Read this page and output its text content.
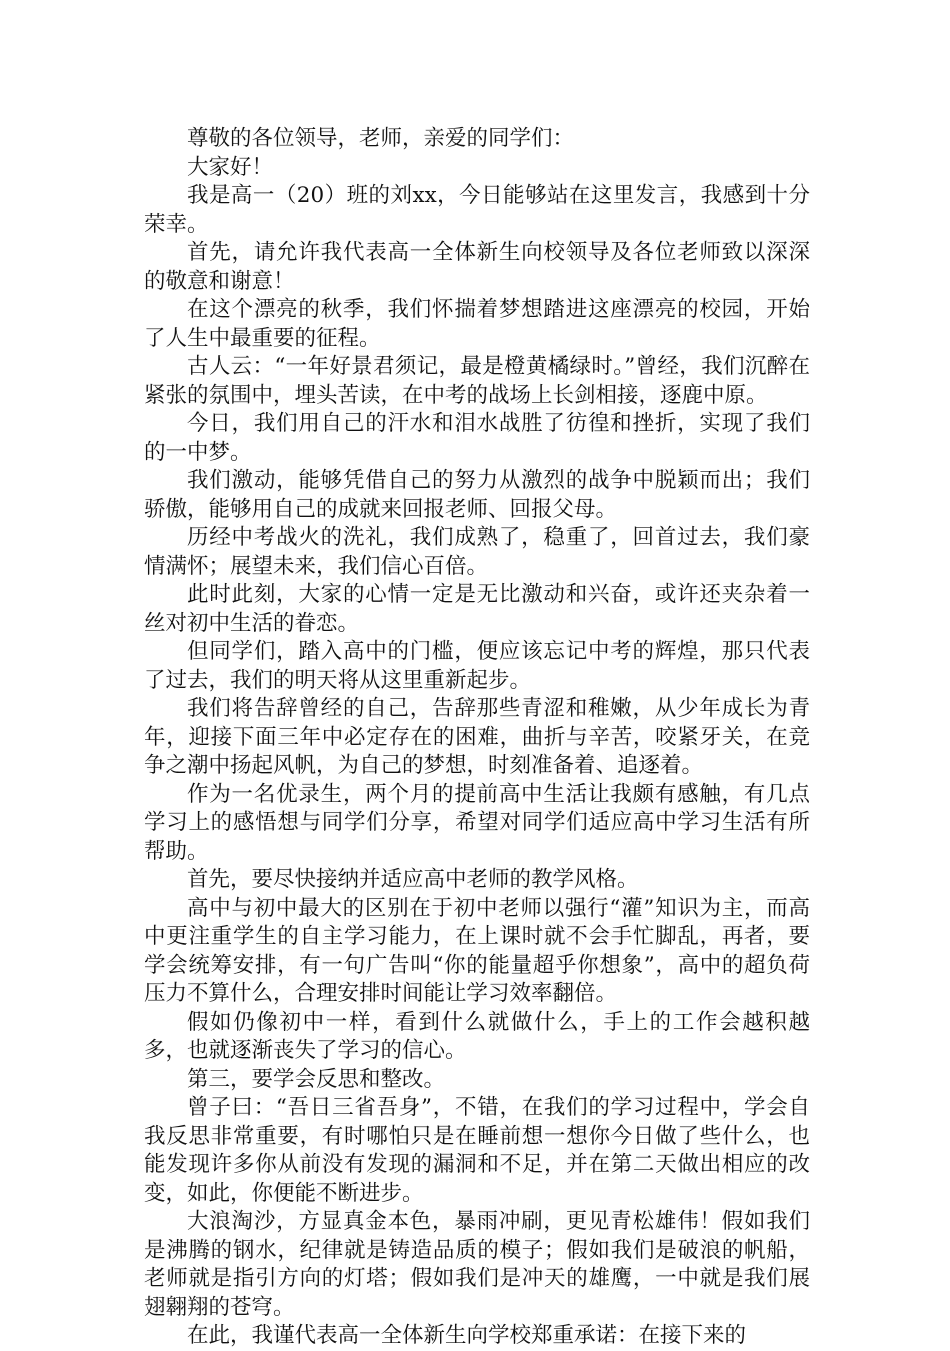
尊敬的各位领导，老师，亲爱的同学们：

大家好！

我是高一（20）班的刘xx，今日能够站在这里发言，我感到十分荣幸。

首先，请允许我代表高一全体新生向校领导及各位老师致以深深的敬意和谢意！

在这个漂亮的秋季，我们怀揣着梦想踏进这座漂亮的校园，开始了人生中最重要的征程。

古人云：“一年好景君须记，最是橙黄橘绿时。”曾经，我们沉醉在紧张的氛围中，埋头苦读，在中考的战场上长剑相接，逐鹿中原。

今日，我们用自己的汗水和泪水战胜了彷徨和挫折，实现了我们的一中梦。

我们激动，能够凭借自己的努力从激烈的战争中脱颖而出；我们骄傲，能够用自己的成就来回报老师、回报父母。

历经中考战火的洗礼，我们成熟了，稳重了，回首过去，我们豪情满怀；展望未来，我们信心百倍。

此时此刻，大家的心情一定是无比激动和兴奋，或许还夹杂着一丝对初中生活的眷恋。

但同学们，踏入高中的门槛，便应该忘记中考的辉煌，那只代表了过去，我们的明天将从这里重新起步。

我们将告辞曾经的自己，告辞那些青涩和稚嫩，从少年成长为青年，迎接下面三年中必定存在的困难，曲折与辛苦，咬紧牙关，在竞争之潮中扬起风帆，为自己的梦想，时刻准备着、追逐着。

作为一名优录生，两个月的提前高中生活让我颇有感触，有几点学习上的感悟想与同学们分享，希望对同学们适应高中学习生活有所帮助。

首先，要尽快接纳并适应高中老师的教学风格。

高中与初中最大的区别在于初中老师以强行“灌”知识为主，而高中更注重学生的自主学习能力，在上课时就不会手忙脚乱，再者，要学会统筹安排，有一句广告叫“你的能量超乎你想象”，高中的超负荷压力不算什么，合理安排时间能让学习效率翻倍。

假如仍像初中一样，看到什么就做什么，手上的工作会越积越多，也就逐渐丧失了学习的信心。

第三，要学会反思和整改。

曾子曰：“吾日三省吾身”，不错，在我们的学习过程中，学会自我反思非常重要，有时哪怕只是在睡前想一想你今日做了些什么，也能发现许多你从前没有发现的漏洞和不足，并在第二天做出相应的改变，如此，你便能不断进步。

大浪淘沙，方显真金本色，暴雨冲刷，更见青松雄伟！假如我们是沸腾的钢水，纪律就是铸造品质的模子；假如我们是破浪的帆船，老师就是指引方向的灯塔；假如我们是冲天的雄鹰，一中就是我们展翅翱翔的苍穹。

在此，我谨代表高一全体新生向学校郑重承诺：在接下来的
